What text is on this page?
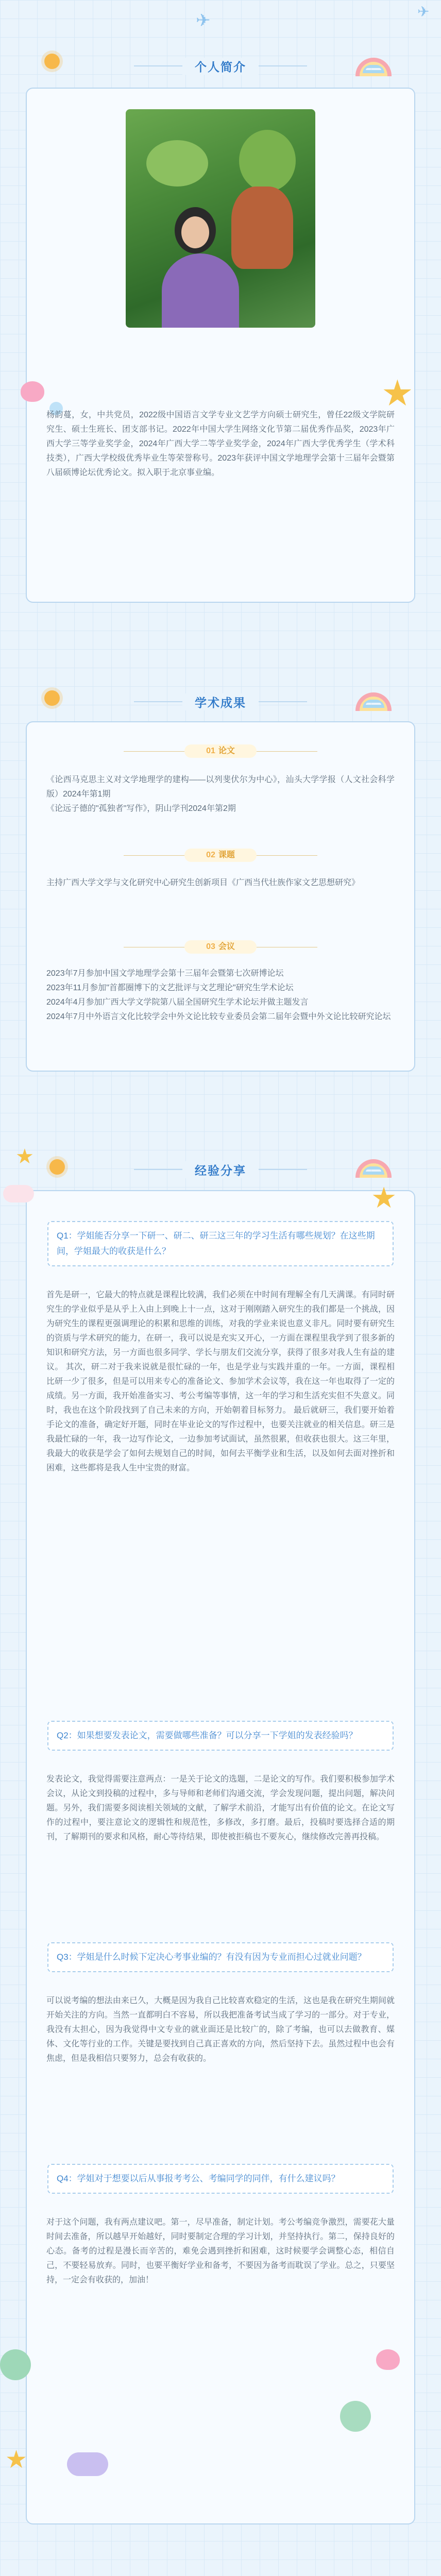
✈	✈
个人简介
★

杨韵蔓，女，中共党员，2022级中国语言文学专业文艺学方向硕士研究生，曾任22级文学院研究生、硕士生班长、团支部书记。2022年中国大学生网络文化节第二届优秀作品奖，2023年广西大学三等学业奖学金，2024年广西大学二等学业奖学金，2024年广西大学优秀学生（学术科技类），广西大学校级优秀毕业生等荣誉称号。2023年获评中国文学地理学会第十三届年会暨第八届硕博论坛优秀论文。拟入职于北京事业编。

学术成果
01 论文

《论西马克思主义对文学地理学的建构——以列斐伏尔为中心》，汕头大学学报（人文社会科学版）2024年第1期
《论远子德的"孤独者"写作》，阴山学刊2024年第2期

02 课题

主持广西大学文学与文化研究中心研究生创新项目《广西当代壮族作家文艺思想研究》

03 会议

2023年7月参加中国文学地理学会第十三届年会暨第七次研博论坛
2023年11月参加"首都圈博下的文艺批评与文艺理论"研究生学术论坛
2024年4月参加广西大学文学院第八届全国研究生学术论坛并做主题发言
2024年7月中外语言文化比较学会中外文论比较专业委员会第二届年会暨中外文论比较研究论坛

★
经验分享
★
Q1：学姐能否分享一下研一、研二、研三这三年的学习生活有哪些规划？在这些期间，学姐最大的收获是什么？

首先是研一，它最大的特点就是课程比较满，我们必须在中时间有理解全有几天满课。有同时研究生的学业似乎是从乎上入由上到晚上十一点，这对于刚刚踏入研究生的我们都是一个挑战，因为研究生的课程更强调理论的积累和思维的训练，对我的学业来说也意义非凡。同时要有研究生的资质与学术研究的能力，在研一，我可以说是充实又开心，一方面在课程里我学到了很多新的知识和研究方法，另一方面也很多同学、学长与朋友们交流分享，获得了很多对我人生有益的建议。 其次，研二对于我来说就是很忙碌的一年，也是学业与实践并重的一年。一方面，课程相比研一少了很多，但是可以用来专心的准备论文、参加学术会议等，我在这一年也取得了一定的成绩。另一方面，我开始准备实习、考公考编等事情，这一年的学习和生活充实但不失意义。同时，我也在这个阶段找到了自己未来的方向，开始朝着目标努力。 最后就研三，我们要开始着手论文的准备，确定好开题，同时在毕业论文的写作过程中，也要关注就业的相关信息。研三是我最忙碌的一年，我一边写作论文，一边参加考试面试，虽然很累，但收获也很大。这三年里，我最大的收获是学会了如何去规划自己的时间，如何去平衡学业和生活，以及如何去面对挫折和困难，这些都将是我人生中宝贵的财富。

Q2：如果想要发表论文，需要做哪些准备？可以分享一下学姐的发表经验吗？

发表论文，我觉得需要注意两点：一是关于论文的选题，二是论文的写作。我们要积极参加学术会议，从论文到投稿的过程中，多与导师和老师们沟通交流，学会发现问题，提出问题，解决问题。另外，我们需要多阅读相关领域的文献，了解学术前沿，才能写出有价值的论文。在论文写作的过程中，要注意论文的逻辑性和规范性，多修改，多打磨。最后，投稿时要选择合适的期刊，了解期刊的要求和风格，耐心等待结果，即使被拒稿也不要灰心，继续修改完善再投稿。

Q3：学姐是什么时候下定决心考事业编的？有没有因为专业而担心过就业问题？

可以说考编的想法由来已久，大概是因为我自己比较喜欢稳定的生活，这也是我在研究生期间就开始关注的方向。当然一直都明白不容易，所以我把准备考试当成了学习的一部分。对于专业，我没有太担心，因为我觉得中文专业的就业面还是比较广的，除了考编，也可以去做教育、媒体、文化等行业的工作。关键是要找到自己真正喜欢的方向，然后坚持下去。虽然过程中也会有焦虑，但是我相信只要努力，总会有收获的。

Q4：学姐对于想要以后从事报考考公、考编同学的同伴，有什么建议吗？

对于这个问题，我有两点建议吧。第一，尽早准备，制定计划。考公考编竞争激烈，需要花大量时间去准备，所以越早开始越好，同时要制定合理的学习计划，并坚持执行。第二，保持良好的心态。备考的过程是漫长而辛苦的，难免会遇到挫折和困难，这时候要学会调整心态，相信自己，不要轻易放弃。同时，也要平衡好学业和备考，不要因为备考而耽误了学业。总之，只要坚持，一定会有收获的，加油！

★
